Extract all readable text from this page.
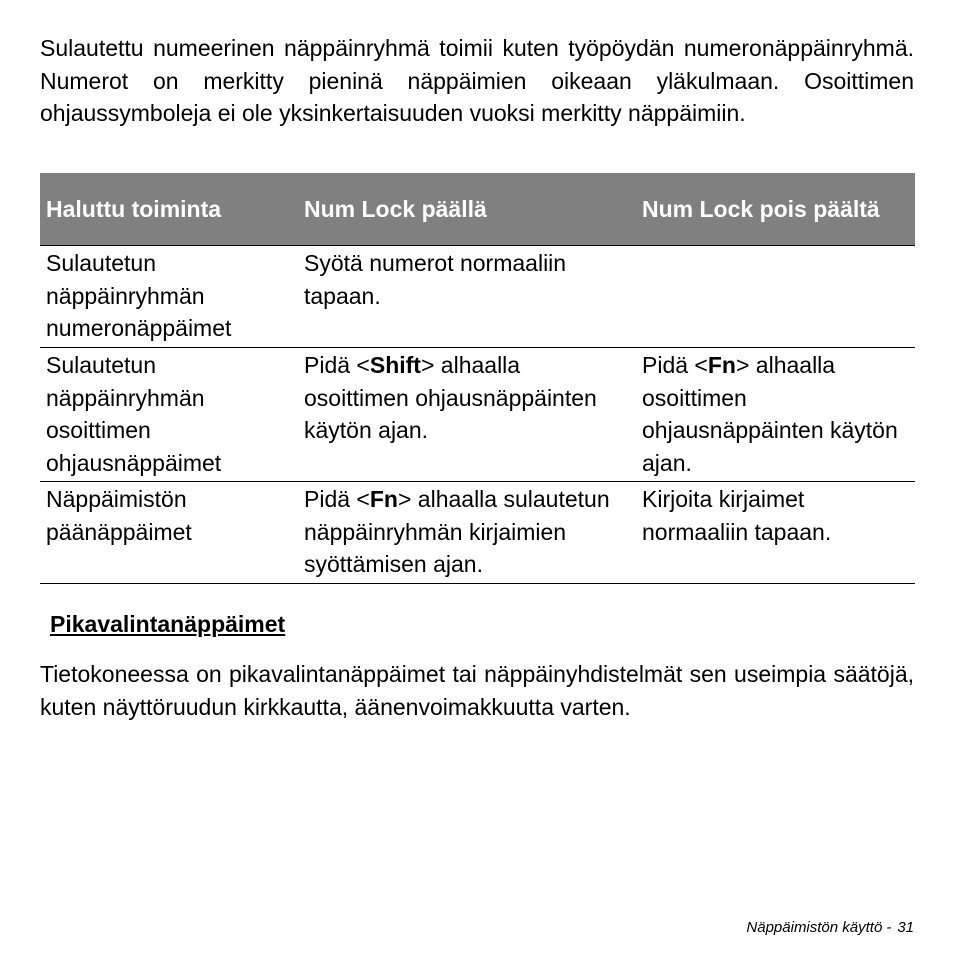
Sulautettu numeerinen näppäinryhmä toimii kuten työpöydän numeronäppäinryhmä. Numerot on merkitty pieninä näppäimien oikeaan yläkulmaan. Osoittimen ohjaussymboleja ei ole yksinkertaisuuden vuoksi merkitty näppäimiin.

Haluttu toiminta	Num Lock päällä	Num Lock pois päältä
Sulautetun näppäinryhmän numeronäppäimet	Syötä numerot normaaliin tapaan.	
Sulautetun näppäinryhmän osoittimen ohjausnäppäimet	Pidä <Shift> alhaalla osoittimen ohjausnäppäinten käytön ajan.	Pidä <Fn> alhaalla osoittimen ohjausnäppäinten käytön ajan.
Näppäimistön päänäppäimet	Pidä <Fn> alhaalla sulautetun näppäinryhmän kirjaimien syöttämisen ajan.	Kirjoita kirjaimet normaaliin tapaan.
Pikavalintanäppäimet

Tietokoneessa on pikavalintanäppäimet tai näppäinyhdistelmät sen useimpia säätöjä, kuten näyttöruudun kirkkautta, äänenvoimakkuutta varten.

Näppäimistön käyttö - 31
